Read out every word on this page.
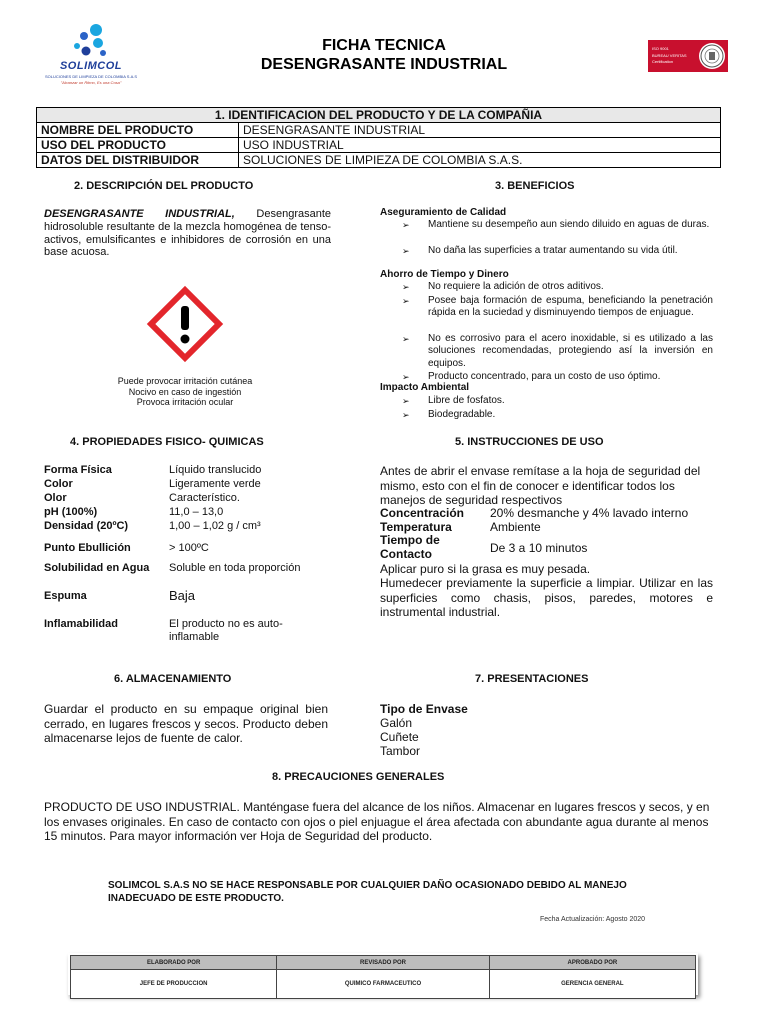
SOLIMCOL
SOLUCIONES DE LIMPIEZA DE COLOMBIA S.A.S
"Alcanzar un Ritmo, Es una Cosa"
FICHA TECNICA
DESENGRASANTE INDUSTRIAL
ISO 9001
BUREAU VERITAS
Certification
1. IDENTIFICACION DEL PRODUCTO Y DE LA COMPAÑIA	
NOMBRE DEL PRODUCTO	DESENGRASANTE INDUSTRIAL
USO DEL PRODUCTO	USO INDUSTRIAL
DATOS DEL DISTRIBUIDOR	SOLUCIONES DE LIMPIEZA DE COLOMBIA S.A.S.
2. DESCRIPCIÓN DEL PRODUCTO
DESENGRASANTE INDUSTRIAL, Desengrasante hidrosoluble resultante de la mezcla homogénea de tenso-activos, emulsificantes e inhibidores de corrosión en una base acuosa.
Puede provocar irritación cutánea
Nocivo en caso de ingestión
Provoca irritación ocular
3. BENEFICIOS
Aseguramiento de Calidad
➢ Mantiene su desempeño aun siendo diluido en aguas de duras.
➢ No daña las superficies a tratar aumentando su vida útil.
Ahorro de Tiempo y Dinero
➢ No requiere la adición de otros aditivos.
➢ Posee baja formación de espuma, beneficiando la penetración rápida en la suciedad y disminuyendo tiempos de enjuague.
➢ No es corrosivo para el acero inoxidable, si es utilizado a las soluciones recomendadas, protegiendo así la inversión en equipos.
➢ Producto concentrado, para un costo de uso óptimo.
Impacto Ambiental
➢ Libre de fosfatos.
➢ Biodegradable.
4. PROPIEDADES FISICO- QUIMICAS
Forma Física	Líquido translucido
Color	Ligeramente verde
Olor	Característico.
pH (100%)	11,0 – 13,0
Densidad (20ºC)	1,00 – 1,02 g / cm³
Punto Ebullición	> 100ºC
Solubilidad en Agua	Soluble en toda proporción
Espuma	Baja
Inflamabilidad	El producto no es auto-inflamable
5. INSTRUCCIONES DE USO
Antes de abrir el envase remítase a la hoja de seguridad del mismo, esto con el fin de conocer e identificar todos los manejos de seguridad respectivos
Concentración 20% desmanche y 4% lavado interno
Temperatura	Ambiente
Tiempo de Contacto	De 3 a 10 minutos
Aplicar puro si la grasa es muy pesada.
Humedecer previamente la superficie a limpiar. Utilizar en las superficies como chasis, pisos, paredes, motores e instrumental industrial.
6. ALMACENAMIENTO
Guardar el producto en su empaque original bien cerrado, en lugares frescos y secos. Producto deben almacenarse lejos de fuente de calor.
7. PRESENTACIONES
Tipo de Envase
Galón
Cuñete
Tambor
8. PRECAUCIONES GENERALES
PRODUCTO DE USO INDUSTRIAL. Manténgase fuera del alcance de los niños. Almacenar en lugares frescos y secos, y en los envases originales. En caso de contacto con ojos o piel enjuague el área afectada con abundante agua durante al menos 15 minutos. Para mayor información ver Hoja de Seguridad del producto.
SOLIMCOL S.A.S NO SE HACE RESPONSABLE POR CUALQUIER DAÑO OCASIONADO DEBIDO AL MANEJO INADECUADO DE ESTE PRODUCTO.
Fecha Actualización: Agosto 2020
ELABORADO POR	REVISADO POR	APROBADO POR
JEFE DE PRODUCCION	QUIMICO FARMACEUTICO	GERENCIA GENERAL
